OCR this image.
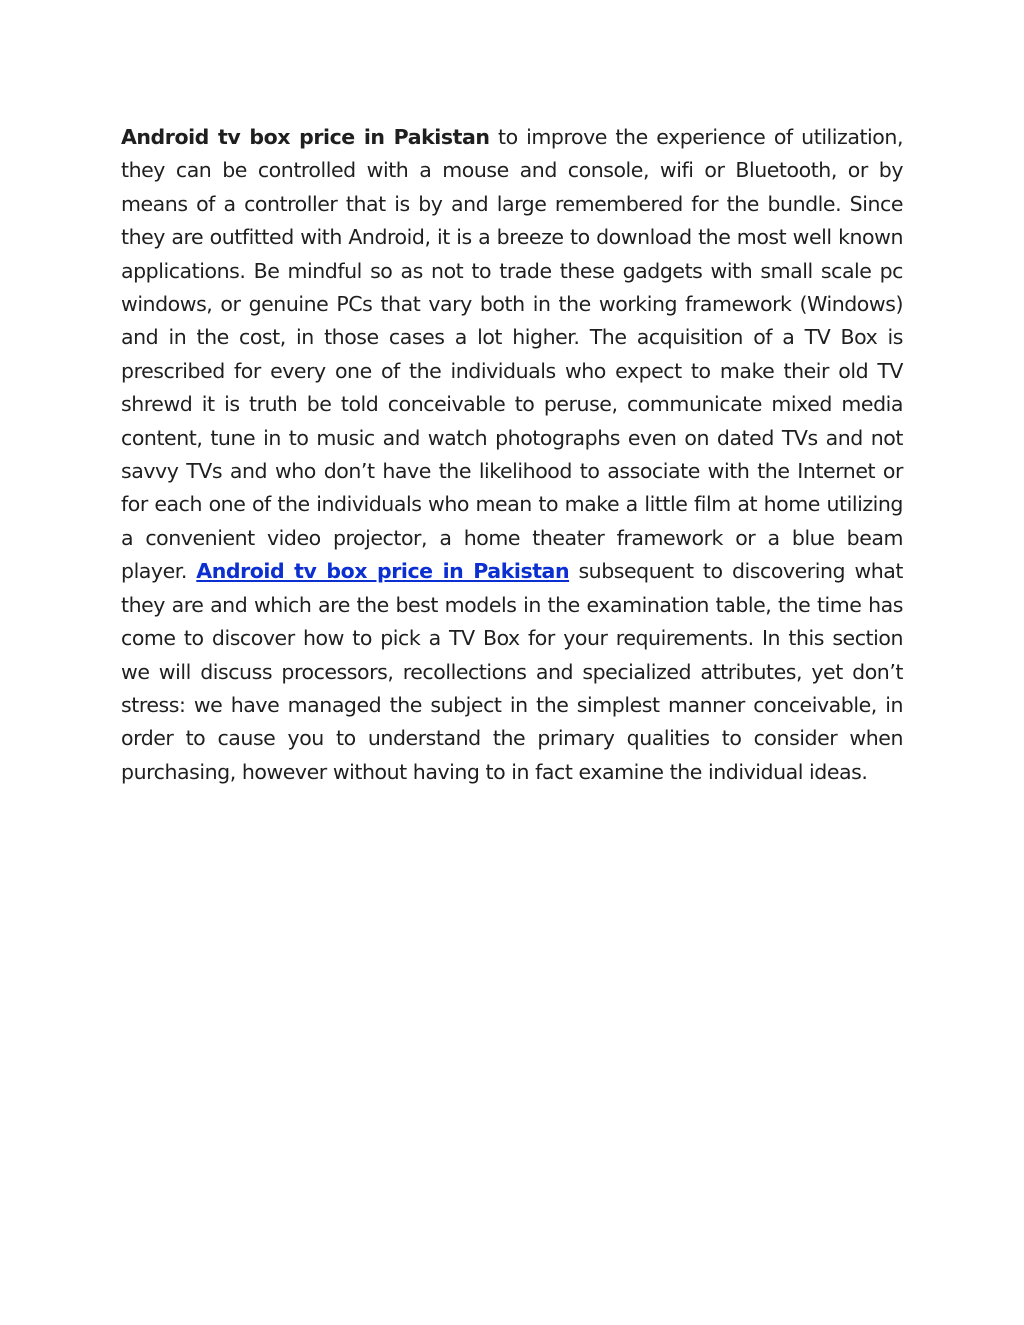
Android tv box price in Pakistan to improve the experience of utilization, they can be controlled with a mouse and console, wifi or Bluetooth, or by means of a controller that is by and large remembered for the bundle. Since they are outfitted with Android, it is a breeze to download the most well known applications. Be mindful so as not to trade these gadgets with small scale pc windows, or genuine PCs that vary both in the working framework (Windows) and in the cost, in those cases a lot higher. The acquisition of a TV Box is prescribed for every one of the individuals who expect to make their old TV shrewd it is truth be told conceivable to peruse, communicate mixed media content, tune in to music and watch photographs even on dated TVs and not savvy TVs and who don’t have the likelihood to associate with the Internet or for each one of the individuals who mean to make a little film at home utilizing a convenient video projector, a home theater framework or a blue beam player. Android tv box price in Pakistan subsequent to discovering what they are and which are the best models in the examination table, the time has come to discover how to pick a TV Box for your requirements. In this section we will discuss processors, recollections and specialized attributes, yet don’t stress: we have managed the subject in the simplest manner conceivable, in order to cause you to understand the primary qualities to consider when purchasing, however without having to in fact examine the individual ideas.
